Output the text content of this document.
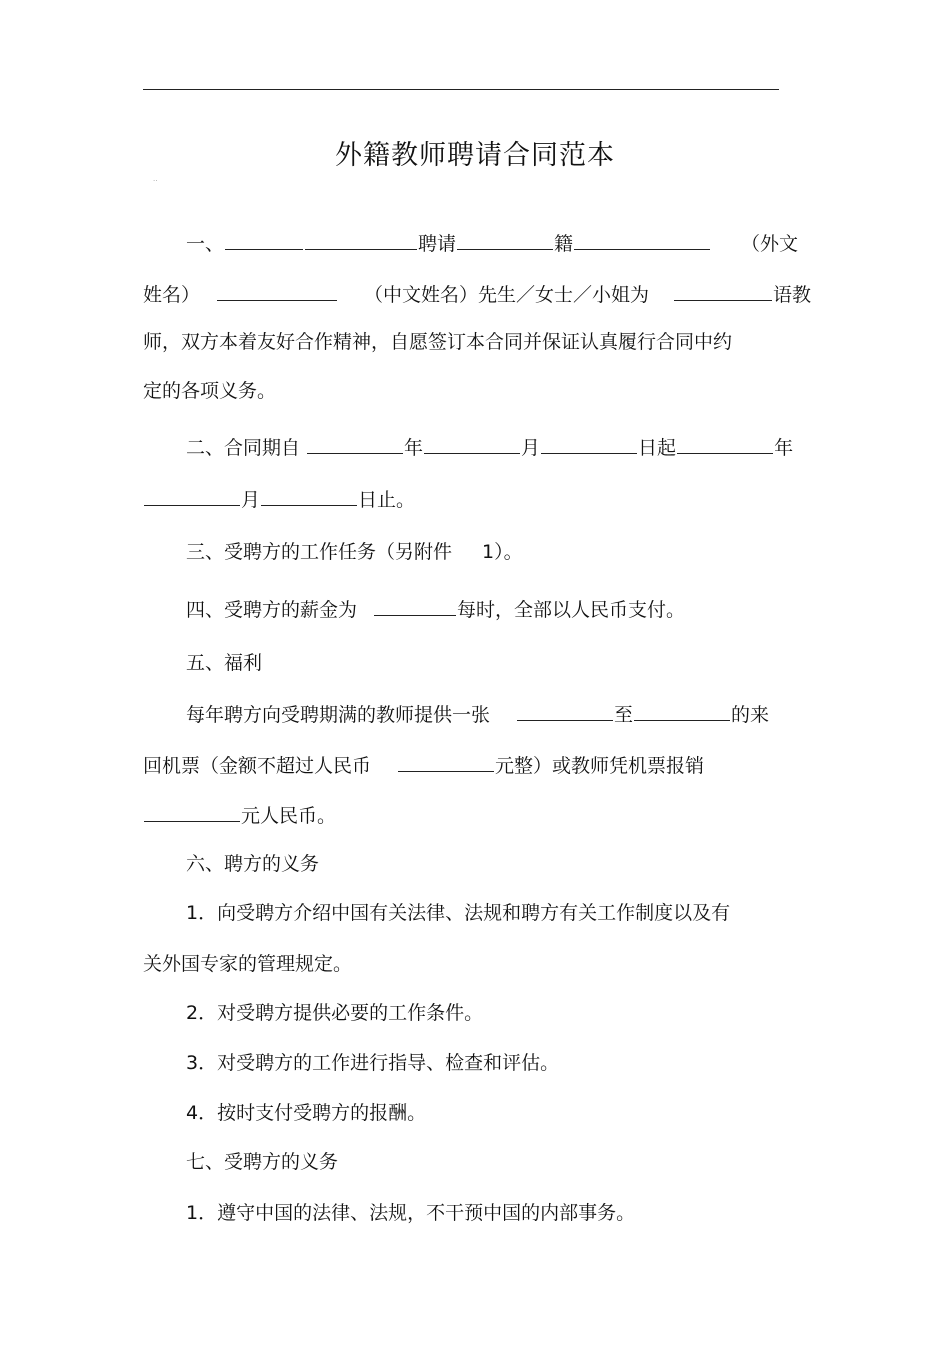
外籍教师聘请合同范本
··
一、	聘请	籍	（外文
姓名）	（中文姓名）先生／女士／小姐为	语教
师，双方本着友好合作精神，自愿签订本合同并保证认真履行合同中约
定的各项义务。
二、合同期自	年	月	日起	年
月	日止。
三、受聘方的工作任务（另附件 1）。
四、受聘方的薪金为	每时，全部以人民币支付。
五、福利
每年聘方向受聘期满的教师提供一张	至	的来
回机票（金额不超过人民币	元整）或教师凭机票报销
元人民币。
六、聘方的义务
1．向受聘方介绍中国有关法律、法规和聘方有关工作制度以及有
关外国专家的管理规定。
2．对受聘方提供必要的工作条件。
3．对受聘方的工作进行指导、检查和评估。
4．按时支付受聘方的报酬。
七、受聘方的义务
1．遵守中国的法律、法规，不干预中国的内部事务。
